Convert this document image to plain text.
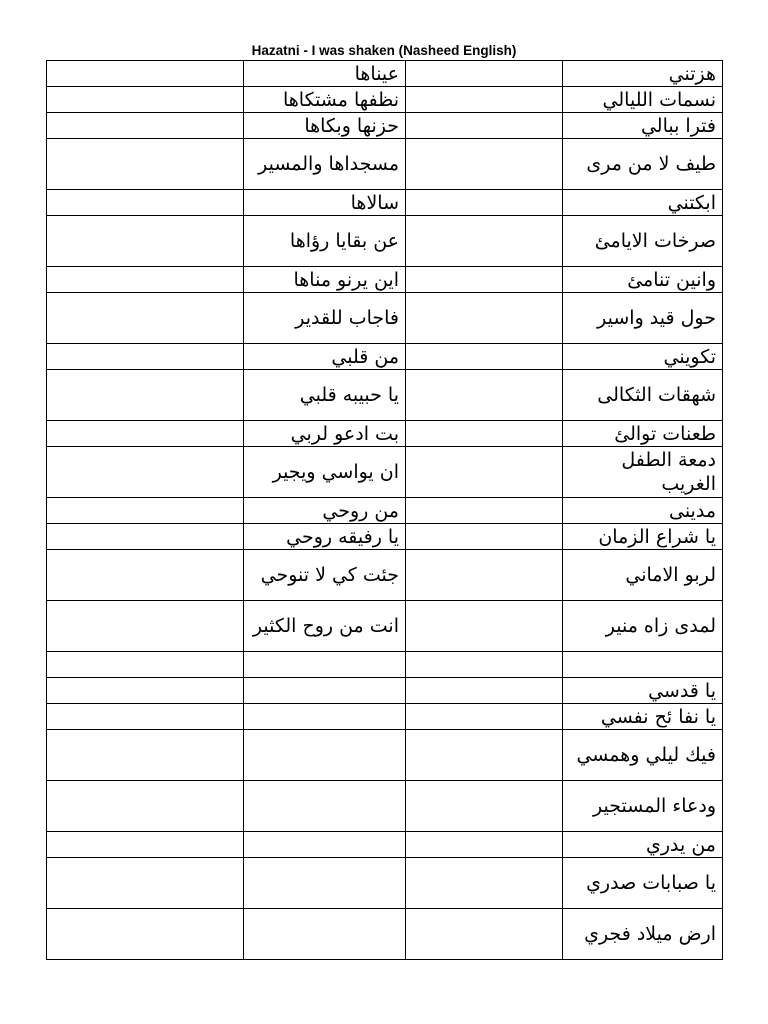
Hazatni - I was shaken (Nasheed English)
	عيناها		هزتني
	نظفها مشتكاها		نسمات الليالي
	حزنها وبكاها		فترا ببالي
	مسجداها والمسير		طيف لا من مرى
	سالاها		ابكتني
	عن بقايا رؤاها		صرخات الايامئ
	اين يرنو مناها		وانين تنامئ
	فاجاب للقدير		حول قيد واسير
	من قلبي		تكويني
	يا حبيبه قلبي		شهقات الثكالى
	بت ادعو لربي		طعنات توالئ
	ان يواسي ويجير		دمعة الطفل الغريب
	من روحي		مدينى
	يا رفيقه روحي		يا شراع الزمان
	جئت كي لا تنوحي		لربو الاماني
	انت من روح الكثير		لمدى زاه منير

			يا قدسي
			يا نفا ئح نفسي
			فيك ليلي وهمسي
			ودعاء المستجير
			من يدري
			يا صبابات صدري
			ارض ميلاد فجري
